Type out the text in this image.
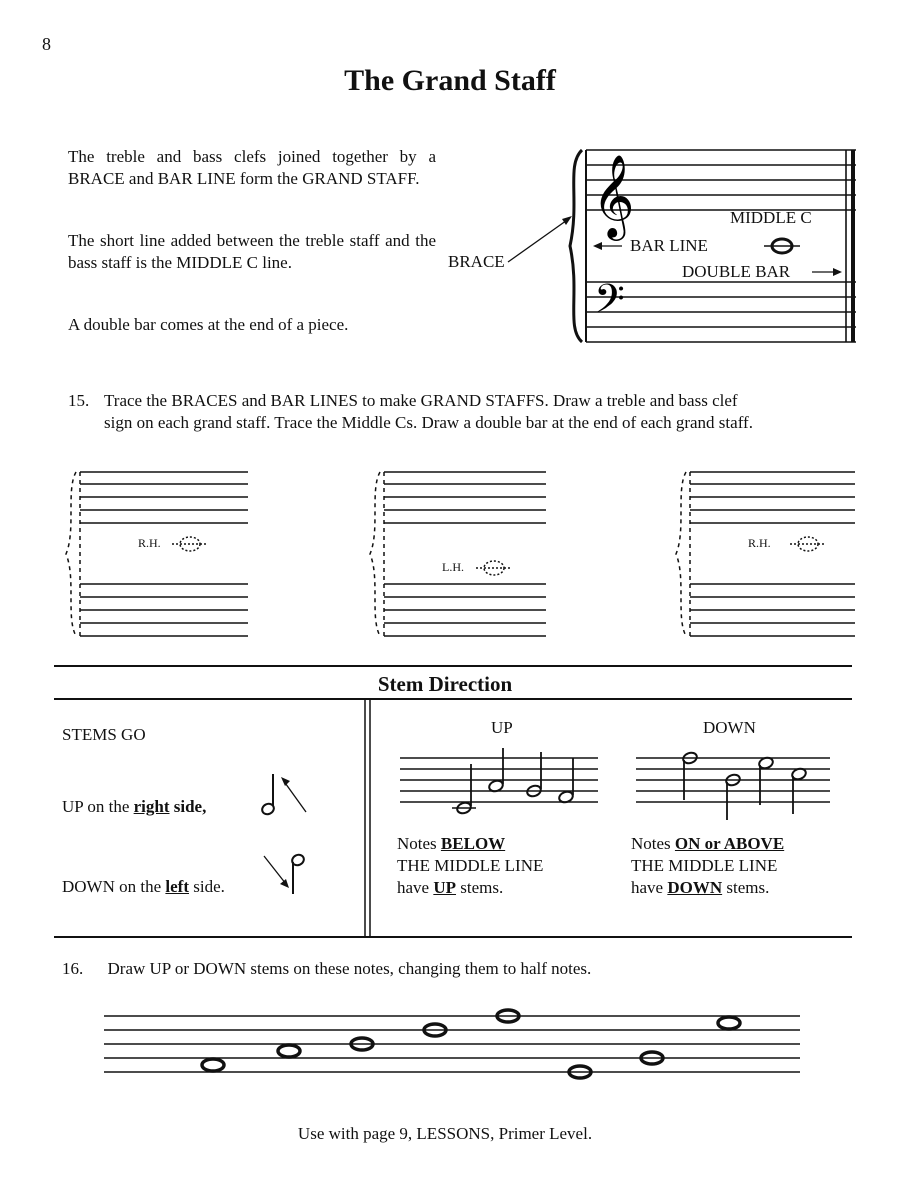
8
The Grand Staff

The treble and bass clefs joined together by a BRACE and BAR LINE form the GRAND STAFF.

The short line added between the treble staff and the bass staff is the MIDDLE C line.

A double bar comes at the end of a piece.

𝄞
𝄢
MIDDLE C
BRACE
BAR LINE
DOUBLE BAR
15. Trace the BRACES and BAR LINES to make GRAND STAFFS. Draw a treble and bass clef
sign on each grand staff. Trace the Middle Cs. Draw a double bar at the end of each grand staff.
R.H.
L.H.
R.H.
Stem Direction
STEMS GO
UP on the right side,
DOWN on the left side.
UP	DOWN
Notes BELOW
THE MIDDLE LINE
have UP stems.
Notes ON or ABOVE
THE MIDDLE LINE
have DOWN stems.
16. Draw UP or DOWN stems on these notes, changing them to half notes.
Use with page 9, LESSONS, Primer Level.
